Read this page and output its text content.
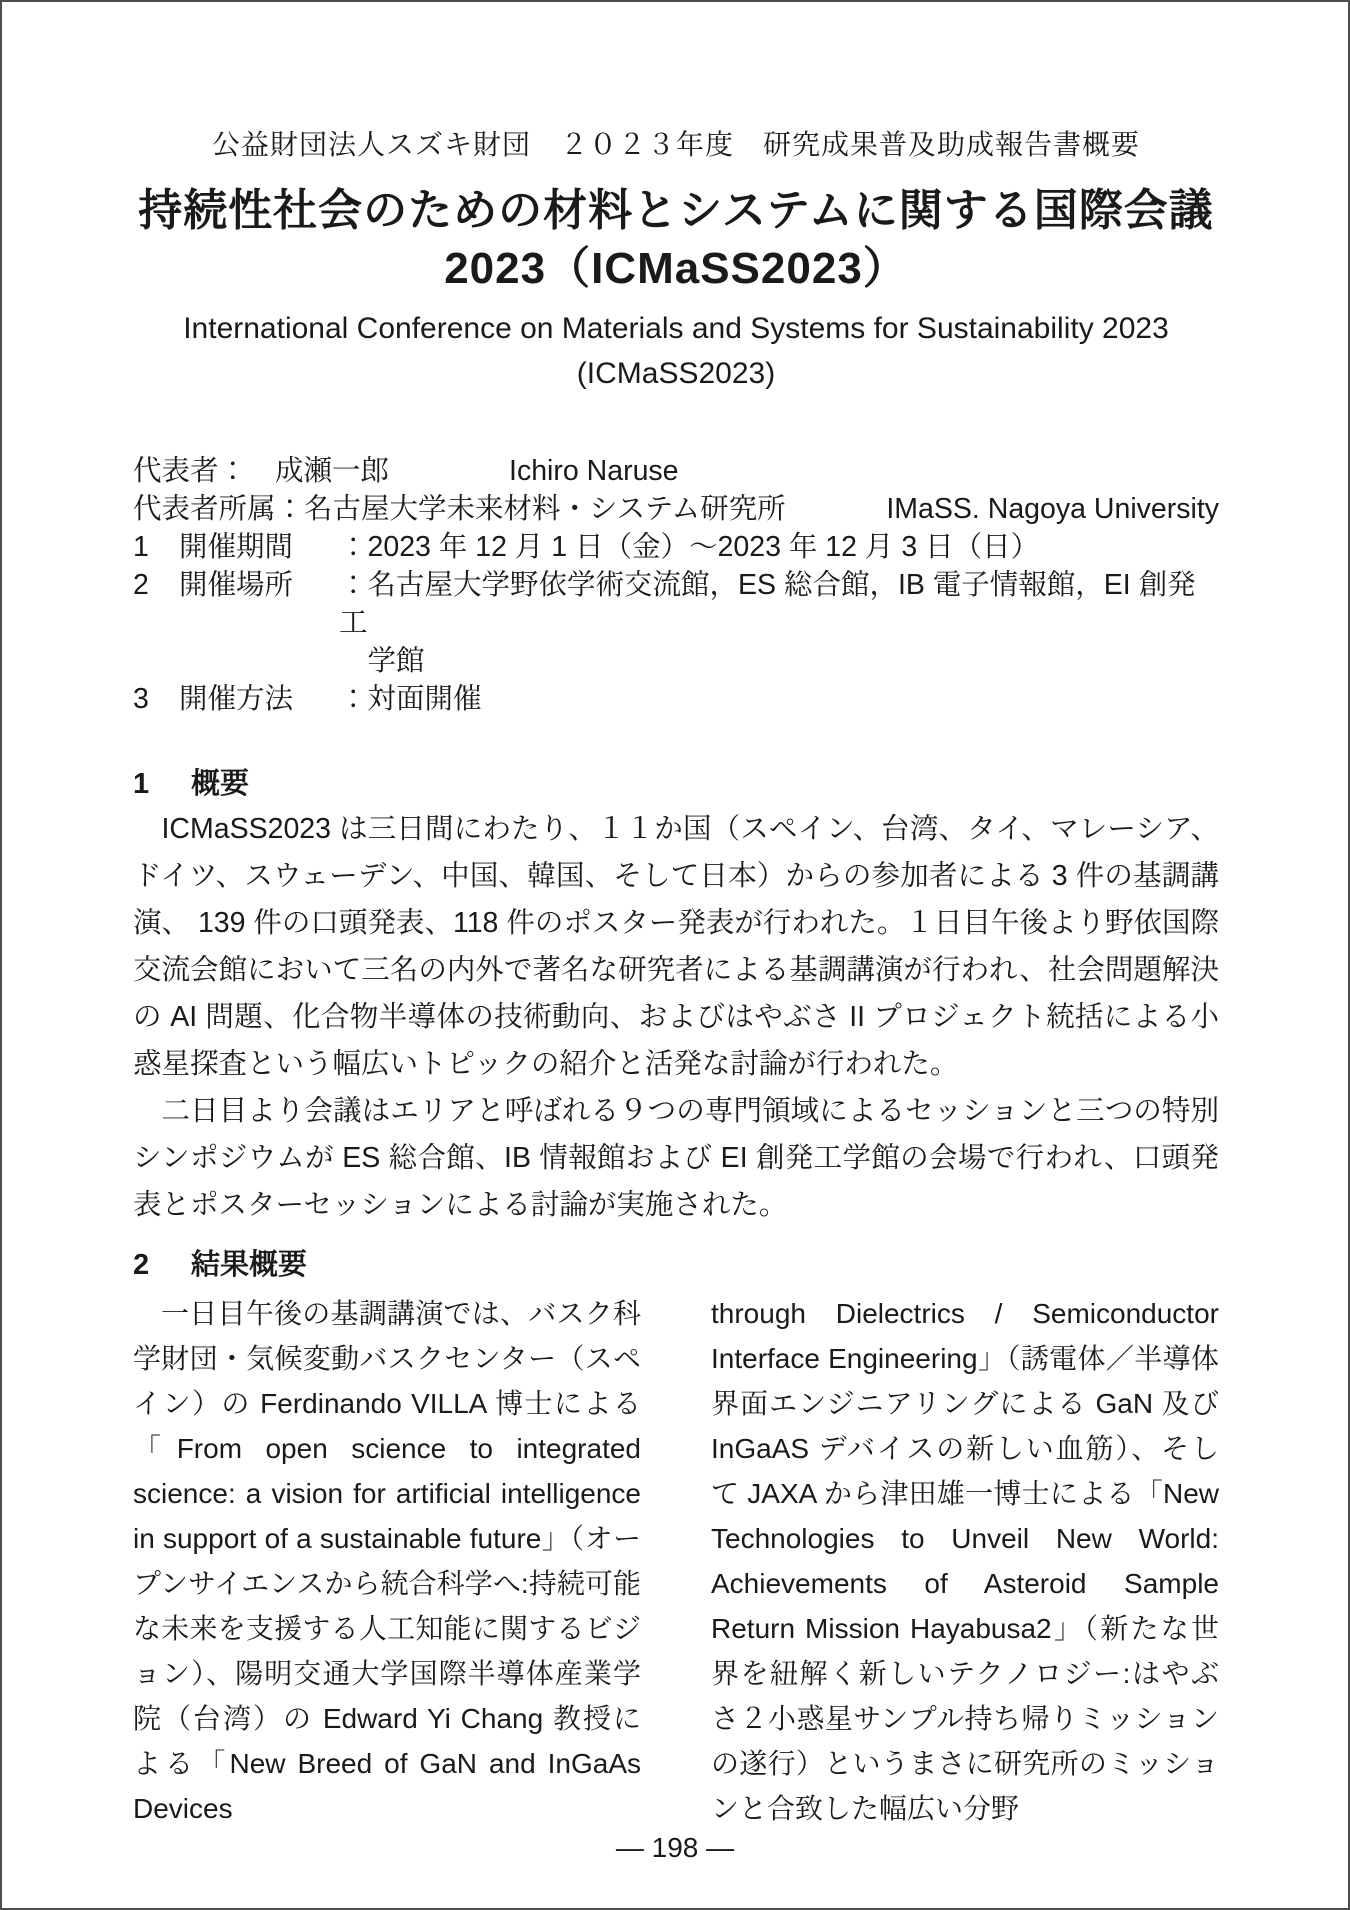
公益財団法人スズキ財団　２０２３年度　研究成果普及助成報告書概要
持続性社会のための材料とシステムに関する国際会議
2023（ICMaSS2023）
International Conference on Materials and Systems for Sustainability 2023
(ICMaSS2023)
代表者： 成瀬一郎	Ichiro Naruse
代表者所属：名古屋大学未来材料・システム研究所	IMaSS. Nagoya University
1	開催期間	：2023 年 12 月 1 日（金）～2023 年 12 月 3 日（日）
2	開催場所	：名古屋大学野依学術交流館，ES 総合館，IB 電子情報館，EI 創発工
学館
3	開催方法	：対面開催
1	概要

ICMaSS2023 は三日間にわたり、１１か国（スペイン、台湾、タイ、マレーシア、ドイツ、スウェーデン、中国、韓国、そして日本）からの参加者による 3 件の基調講演、 139 件の口頭発表、118 件のポスター発表が行われた。１日目午後より野依国際交流会館において三名の内外で著名な研究者による基調講演が行われ、社会問題解決の AI 問題、化合物半導体の技術動向、およびはやぶさ II プロジェクト統括による小惑星探査という幅広いトピックの紹介と活発な討論が行われた。

二日目より会議はエリアと呼ばれる９つの専門領域によるセッションと三つの特別シンポジウムが ES 総合館、IB 情報館および EI 創発工学館の会場で行われ、口頭発表とポスターセッションによる討論が実施された。

2	結果概要
一日目午後の基調講演では、バスク科学財団・気候変動バスクセンター（スペイン）の Ferdinando VILLA 博士による「From open science to integrated science: a vision for artificial intelligence in support of a sustainable future」（オープンサイエンスから統合科学へ:持続可能な未来を支援する人工知能に関するビジョン）、陽明交通大学国際半導体産業学院（台湾）の Edward Yi Chang 教授による「New Breed of GaN and InGaAs Devices
through Dielectrics / Semiconductor Interface Engineering」（誘電体／半導体界面エンジニアリングによる GaN 及び InGaAS デバイスの新しい血筋）、そして JAXA から津田雄一博士による「New Technologies to Unveil New World: Achievements of Asteroid Sample Return Mission Hayabusa2」（新たな世界を紐解く新しいテクノロジー:はやぶさ２小惑星サンプル持ち帰りミッションの遂行）というまさに研究所のミッションと合致した幅広い分野
— 198 —
